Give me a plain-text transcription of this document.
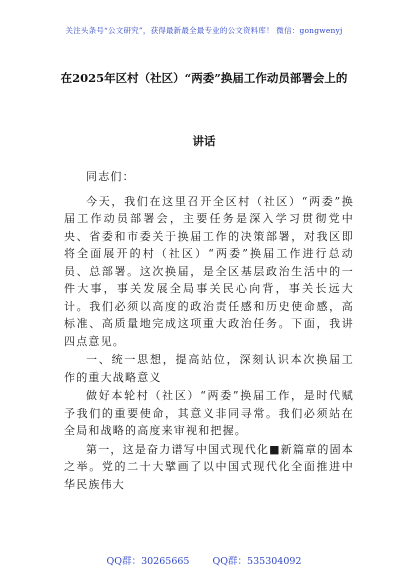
关注头条号“公文研究”，获得最新最全最专业的公文资料库！ 微信：gongwenyj
在2025年区村（社区）“两委”换届工作动员部署会上的
讲话

同志们：

今天，我们在这里召开全区村（社区）“两委”换届工作动员部署会，主要任务是深入学习贯彻党中央、省委和市委关于换届工作的决策部署，对我区即将全面展开的村（社区）“两委”换届工作进行总动员、总部署。这次换届，是全区基层政治生活中的一件大事，事关发展全局事关民心向背，事关长远大计。我们必须以高度的政治责任感和历史使命感，高标准、高质量地完成这项重大政治任务。下面，我讲四点意见。

一、统一思想，提高站位，深刻认识本次换届工作的重大战略意义

做好本轮村（社区）“两委”换届工作，是时代赋予我们的重要使命，其意义非同寻常。我们必须站在全局和战略的高度来审视和把握。

第一，这是奋力谱写中国式现代化■新篇章的固本之举。党的二十大擘画了以中国式现代化全面推进中华民族伟大

QQ群：30265665 QQ群：535304092
